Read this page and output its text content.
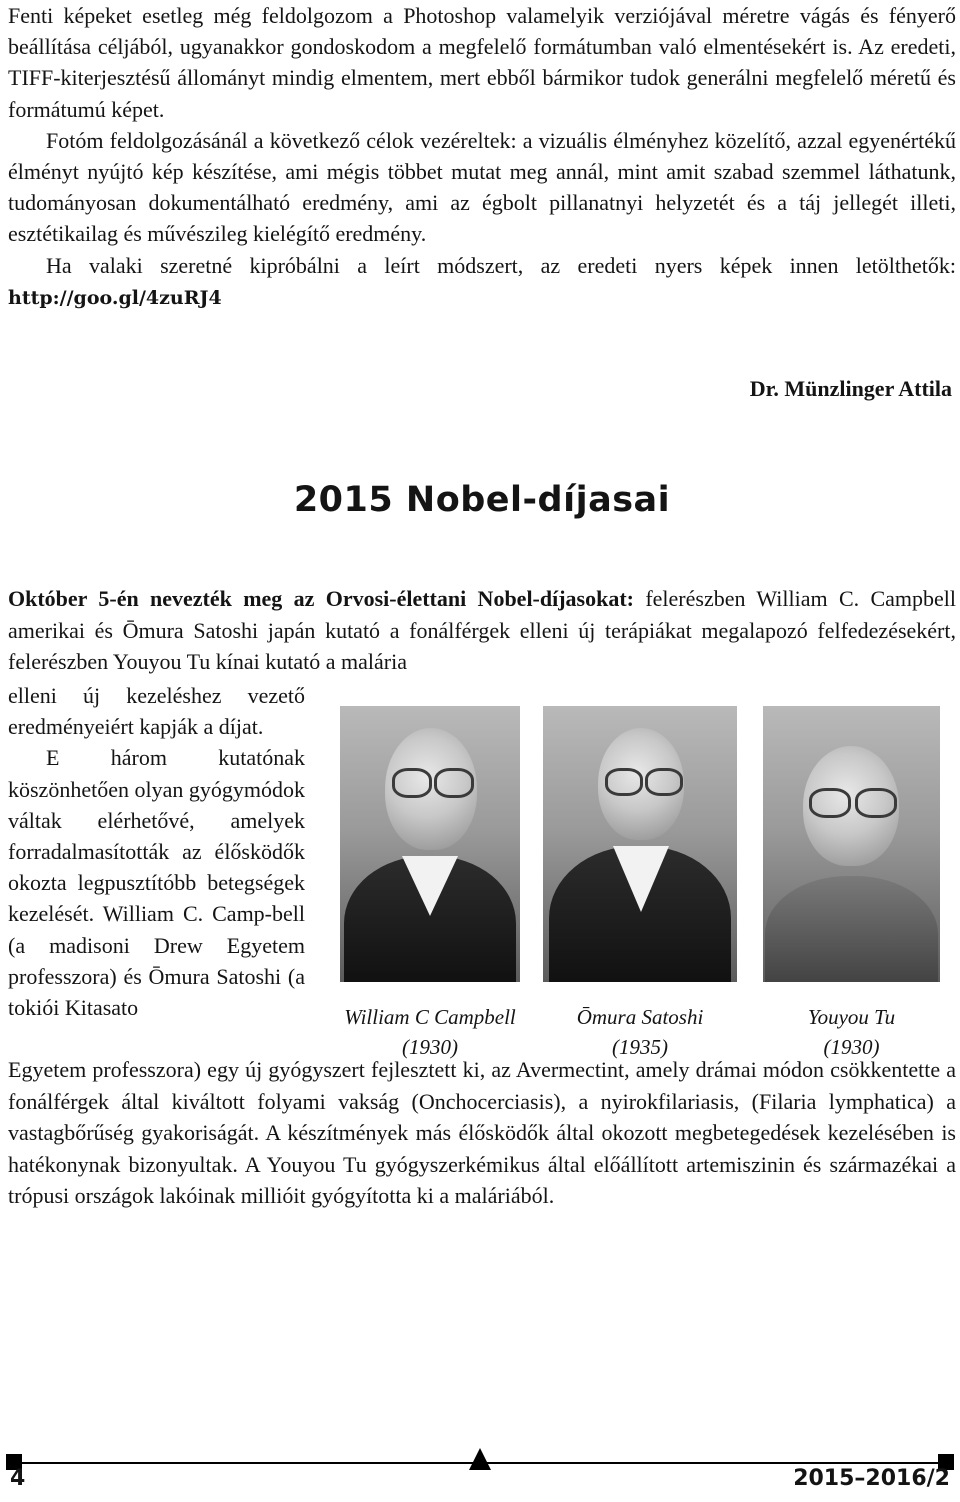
Fenti képeket esetleg még feldolgozom a Photoshop valamelyik verziójával méretre vágás és fényerő beállítása céljából, ugyanakkor gondoskodom a megfelelő formátumban való elmentésekért is. Az eredeti, TIFF-kiterjesztésű állományt mindig elmentem, mert ebből bármikor tudok generálni megfelelő méretű és formátumú képet.

Fotóm feldolgozásánál a következő célok vezéreltek: a vizuális élményhez közelítő, azzal egyenértékű élményt nyújtó kép készítése, ami mégis többet mutat meg annál, mint amit szabad szemmel láthatunk, tudományosan dokumentálható eredmény, ami az égbolt pillanatnyi helyzetét és a táj jellegét illeti, esztétikailag és művészileg kielégítő eredmény.

Ha valaki szeretné kipróbálni a leírt módszert, az eredeti nyers képek innen letölthetők: http://goo.gl/4zuRJ4

Dr. Münzlinger Attila
2015 Nobel-díjasai

Október 5-én nevezték meg az Orvosi-élettani Nobel-díjasokat: felerészben William C. Campbell amerikai és Ōmura Satoshi japán kutató a fonálférgek elleni új terápiákat megalapozó felfedezésekért, felerészben Youyou Tu kínai kutató a malária

elleni új kezeléshez vezető eredményeiért kapják a díjat.

E három kutatónak köszönhetően olyan gyógymódok váltak elérhetővé, amelyek forradalmasították az élősködők okozta legpusztítóbb betegségek kezelését. William C. Camp-bell (a madisoni Drew Egyetem professzora) és Ōmura Satoshi (a tokiói Kitasato	William C Campbell
(1930)
Ōmura Satoshi
(1935)
Youyou Tu
(1930)

Egyetem professzora) egy új gyógyszert fejlesztett ki, az Avermectint, amely drámai módon csökkentette a fonálférgek által kiváltott folyami vakság (Onchocerciasis), a nyirokfilariasis, (Filaria lymphatica) a vastagbőrűség gyakoriságát. A készítmények más élősködők által okozott megbetegedések kezelésében is hatékonynak bizonyultak. A Youyou Tu gyógyszerkémikus által előállított artemiszinin és származékai a trópusi országok lakóinak millióit gyógyította ki a maláriából.

4	2015–2016/2
